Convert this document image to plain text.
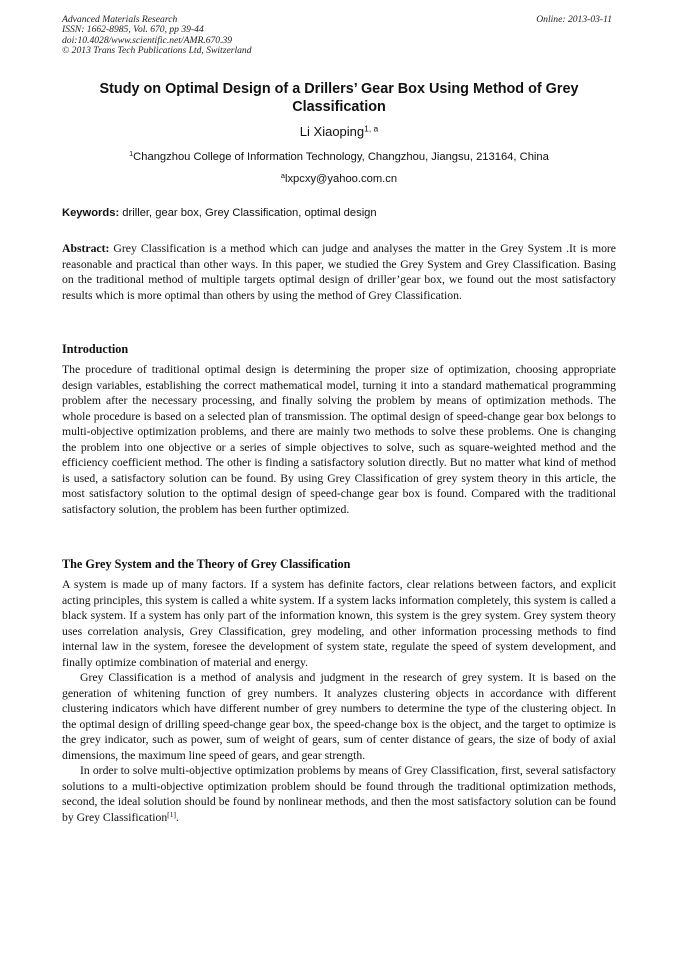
Advanced Materials Research
ISSN: 1662-8985, Vol. 670, pp 39-44
doi:10.4028/www.scientific.net/AMR.670.39
© 2013 Trans Tech Publications Ltd, Switzerland
Online: 2013-03-11
Study on Optimal Design of a Drillers’ Gear Box Using Method of Grey
Classification
Li Xiaoping$^{1, a}$
$^1$Changzhou College of Information Technology, Changzhou, Jiangsu, 213164, China
$^a$lxpcxy@yahoo.com.cn
Keywords: driller, gear box, Grey Classification, optimal design
Abstract: Grey Classification is a method which can judge and analyses the matter in the Grey System .It is more reasonable and practical than other ways. In this paper, we studied the Grey System and Grey Classification. Basing on the traditional method of multiple targets optimal design of driller’gear box, we found out the most satisfactory results which is more optimal than others by using the method of Grey Classification.
Introduction
The procedure of traditional optimal design is determining the proper size of optimization, choosing appropriate design variables, establishing the correct mathematical model, turning it into a standard mathematical programming problem after the necessary processing, and finally solving the problem by means of optimization methods. The whole procedure is based on a selected plan of transmission. The optimal design of speed-change gear box belongs to multi-objective optimization problems, and there are mainly two methods to solve these problems. One is changing the problem into one objective or a series of simple objectives to solve, such as square-weighted method and the efficiency coefficient method. The other is finding a satisfactory solution directly. But no matter what kind of method is used, a satisfactory solution can be found. By using Grey Classification of grey system theory in this article, the most satisfactory solution to the optimal design of speed-change gear box is found. Compared with the traditional satisfactory solution, the problem has been further optimized.
The Grey System and the Theory of Grey Classification

A system is made up of many factors. If a system has definite factors, clear relations between factors, and explicit acting principles, this system is called a white system. If a system lacks information completely, this system is called a black system. If a system has only part of the information known, this system is the grey system. Grey system theory uses correlation analysis, Grey Classification, grey modeling, and other information processing methods to find internal law in the system, foresee the development of system state, regulate the speed of system development, and finally optimize combination of material and energy.

Grey Classification is a method of analysis and judgment in the research of grey system. It is based on the generation of whitening function of grey numbers. It analyzes clustering objects in accordance with different clustering indicators which have different number of grey numbers to determine the type of the clustering object. In the optimal design of drilling speed-change gear box, the speed-change box is the object, and the target to optimize is the grey indicator, such as power, sum of weight of gears, sum of center distance of gears, the size of body of axial dimensions, the maximum line speed of gears, and gear strength.

In order to solve multi-objective optimization problems by means of Grey Classification, first, several satisfactory solutions to a multi-objective optimization problem should be found through the traditional optimization methods, second, the ideal solution should be found by nonlinear methods, and then the most satisfactory solution can be found by Grey Classification[1].
